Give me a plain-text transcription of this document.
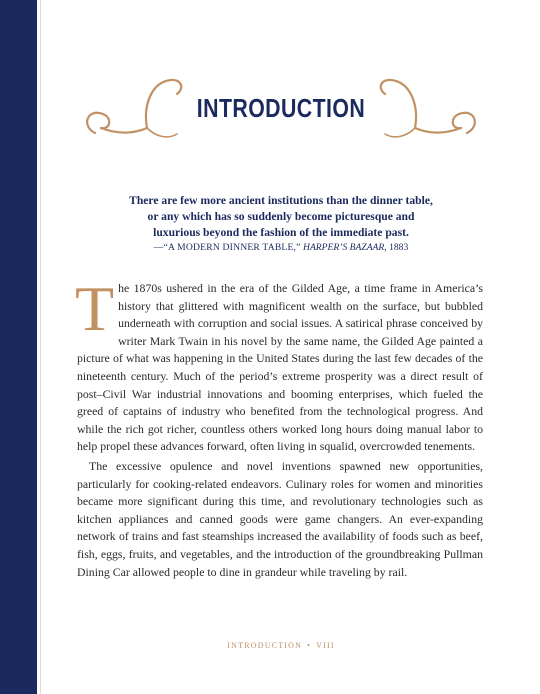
INTRODUCTION

There are few more ancient institutions than the dinner table,

or any which has so suddenly become picturesque and

luxurious beyond the fashion of the immediate past.

—“A MODERN DINNER TABLE,” HARPER’S BAZAAR, 1883

The 1870s ushered in the era of the Gilded Age, a time frame in America’s history that glittered with magnificent wealth on the surface, but bubbled underneath with corruption and social issues. A satirical phrase conceived by writer Mark Twain in his novel by the same name, the Gilded Age painted a picture of what was happening in the United States during the last few decades of the nineteenth century. Much of the period’s extreme prosperity was a direct result of post–Civil War industrial innovations and booming enterprises, which fueled the greed of captains of industry who benefited from the technological progress. And while the rich got richer, countless others worked long hours doing manual labor to help propel these advances forward, often living in squalid, overcrowded tenements.

The excessive opulence and novel inventions spawned new opportunities, particularly for cooking-related endeavors. Culinary roles for women and minorities became more significant during this time, and revolutionary technologies such as kitchen appliances and canned goods were game changers. An ever-expanding network of trains and fast steamships increased the availability of foods such as beef, fish, eggs, fruits, and vegetables, and the introduction of the groundbreaking Pullman Dining Car allowed people to dine in grandeur while traveling by rail.

INTRODUCTION • VIII
